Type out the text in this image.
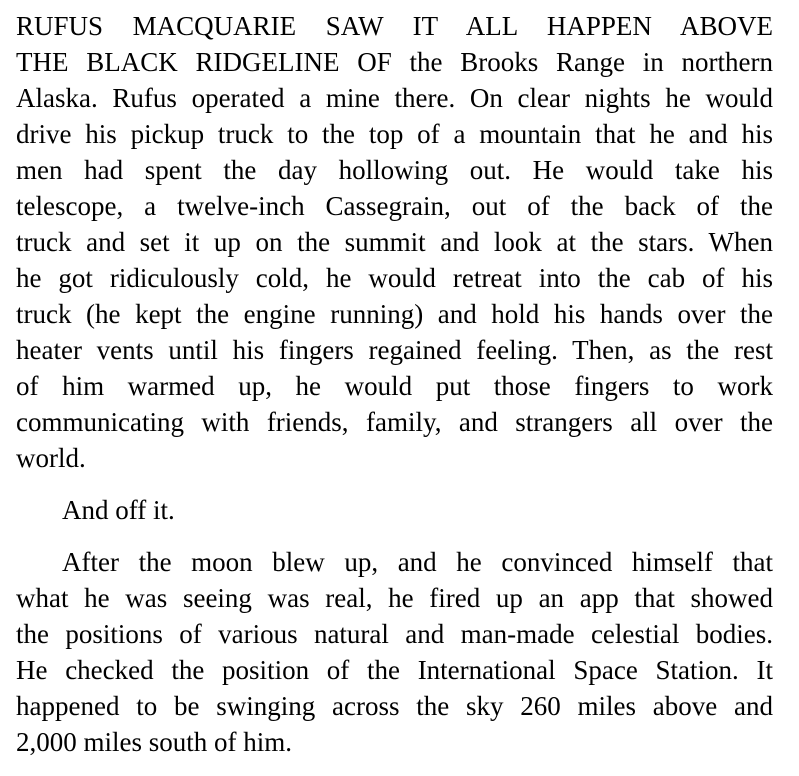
RUFUS MACQUARIE SAW IT ALL HAPPEN ABOVE
THE BLACK RIDGELINE OF the Brooks Range in northern
Alaska. Rufus operated a mine there. On clear nights he would
drive his pickup truck to the top of a mountain that he and his
men had spent the day hollowing out. He would take his
telescope, a twelve-inch Cassegrain, out of the back of the
truck and set it up on the summit and look at the stars. When
he got ridiculously cold, he would retreat into the cab of his
truck (he kept the engine running) and hold his hands over the
heater vents until his fingers regained feeling. Then, as the rest
of him warmed up, he would put those fingers to work
communicating with friends, family, and strangers all over the
world.
And off it.
After the moon blew up, and he convinced himself that
what he was seeing was real, he fired up an app that showed
the positions of various natural and man-made celestial bodies.
He checked the position of the International Space Station. It
happened to be swinging across the sky 260 miles above and
2,000 miles south of him.
